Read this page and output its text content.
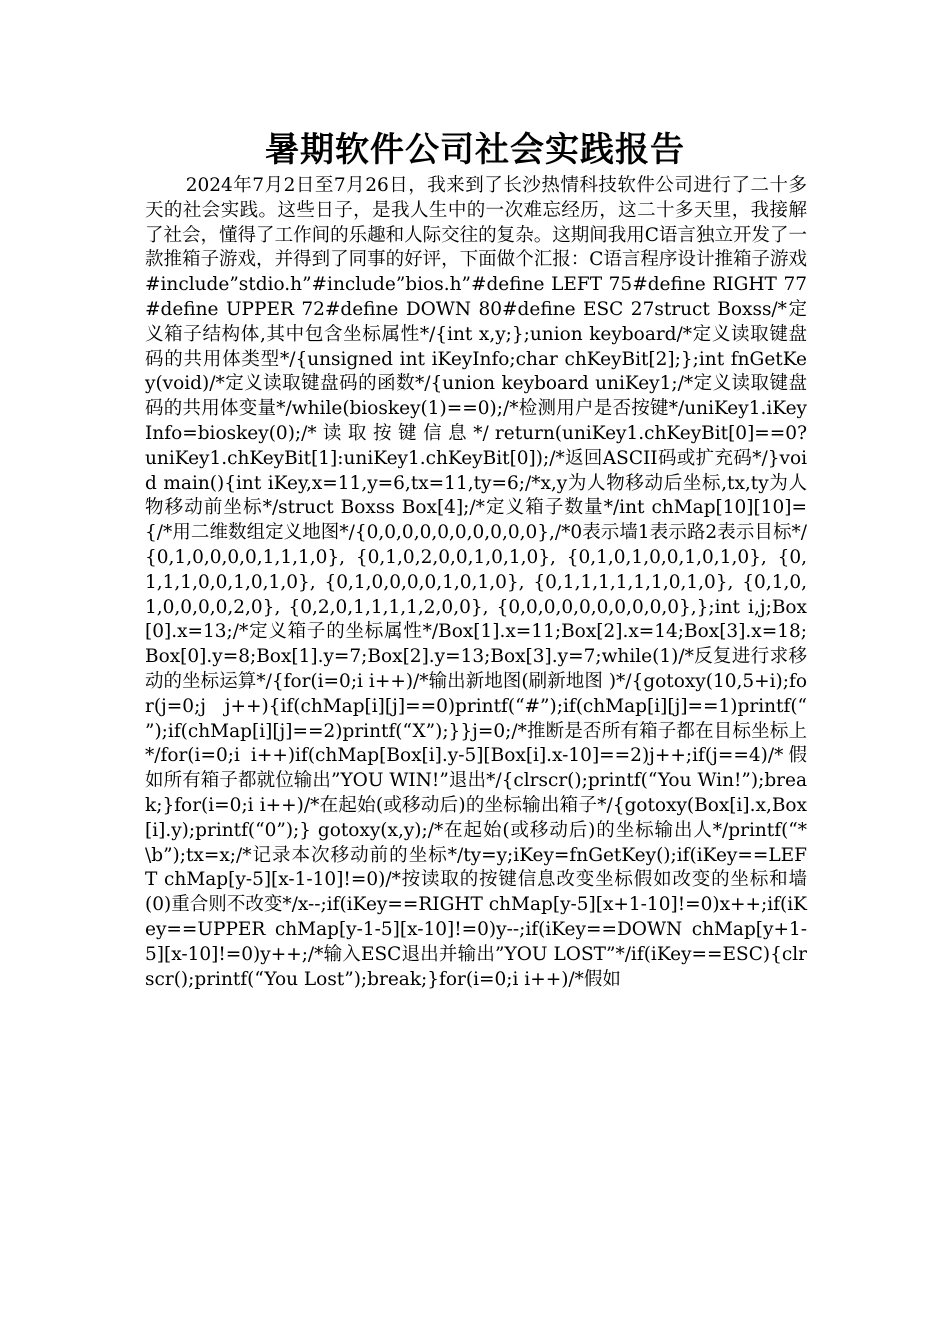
暑期软件公司社会实践报告

2024年7月2日至7月26日，我来到了长沙热情科技软件公司进行了二十多天的社会实践。这些日子，是我人生中的一次难忘经历，这二十多天里，我接解了社会，懂得了工作间的乐趣和人际交往的复杂。这期间我用C语言独立开发了一款推箱子游戏，并得到了同事的好评，下面做个汇报：C语言程序设计推箱子游戏#include”stdio.h”#include”bios.h”#define LEFT 75#define RIGHT 77#define UPPER 72#define DOWN 80#define ESC 27struct Boxss/*定义箱子结构体,其中包含坐标属性*/{int x,y;};union keyboard/*定义读取键盘码的共用体类型*/{unsigned int iKeyInfo;char chKeyBit[2];};int fnGetKey(void)/*定义读取键盘码的函数*/{union keyboard uniKey1;/*定义读取键盘码的共用体变量*/while(bioskey(1)==0);/*检测用户是否按键*/uniKey1.iKeyInfo=bioskey(0);/* 读 取 按 键 信 息 */ return(uniKey1.chKeyBit[0]==0?uniKey1.chKeyBit[1]:uniKey1.chKeyBit[0]);/*返回ASCII码或扩充码*/}void main(){int iKey,x=11,y=6,tx=11,ty=6;/*x,y为人物移动后坐标,tx,ty为人物移动前坐标*/struct Boxss Box[4];/*定义箱子数量*/int chMap[10][10]={/*用二维数组定义地图*/{0,0,0,0,0,0,0,0,0,0},/*0表示墙1表示路2表示目标*/{0,1,0,0,0,0,1,1,1,0}, {0,1,0,2,0,0,1,0,1,0}, {0,1,0,1,0,0,1,0,1,0}, {0,1,1,1,0,0,1,0,1,0}, {0,1,0,0,0,0,1,0,1,0}, {0,1,1,1,1,1,1,0,1,0}, {0,1,0,1,0,0,0,0,2,0}, {0,2,0,1,1,1,1,2,0,0}, {0,0,0,0,0,0,0,0,0,0},};int i,j;Box[0].x=13;/*定义箱子的坐标属性*/Box[1].x=11;Box[2].x=14;Box[3].x=18;Box[0].y=8;Box[1].y=7;Box[2].y=13;Box[3].y=7;while(1)/*反复进行求移动的坐标运算*/{for(i=0;i i++)/*输出新地图(刷新地图 )*/{gotoxy(10,5+i);for(j=0;j j++){if(chMap[i][j]==0)printf(“#”);if(chMap[i][j]==1)printf(“ ”);if(chMap[i][j]==2)printf(“X”);}}j=0;/*推断是否所有箱子都在目标坐标上*/for(i=0;i i++)if(chMap[Box[i].y-5][Box[i].x-10]==2)j++;if(j==4)/*假如所有箱子都就位输出”YOU WIN!”退出*/{clrscr();printf(“You Win!”);break;}for(i=0;i i++)/*在起始(或移动后)的坐标输出箱子*/{gotoxy(Box[i].x,Box[i].y);printf(“0”);} gotoxy(x,y);/*在起始(或移动后)的坐标输出人*/printf(“*\b”);tx=x;/*记录本次移动前的坐标*/ty=y;iKey=fnGetKey();if(iKey==LEFT chMap[y-5][x-1-10]!=0)/*按读取的按键信息改变坐标假如改变的坐标和墙(0)重合则不改变*/x--;if(iKey==RIGHT chMap[y-5][x+1-10]!=0)x++;if(iKey==UPPER chMap[y-1-5][x-10]!=0)y--;if(iKey==DOWN chMap[y+1-5][x-10]!=0)y++;/*输入ESC退出并输出”YOU LOST”*/if(iKey==ESC){clrscr();printf(“You Lost”);break;}for(i=0;i i++)/*假如
